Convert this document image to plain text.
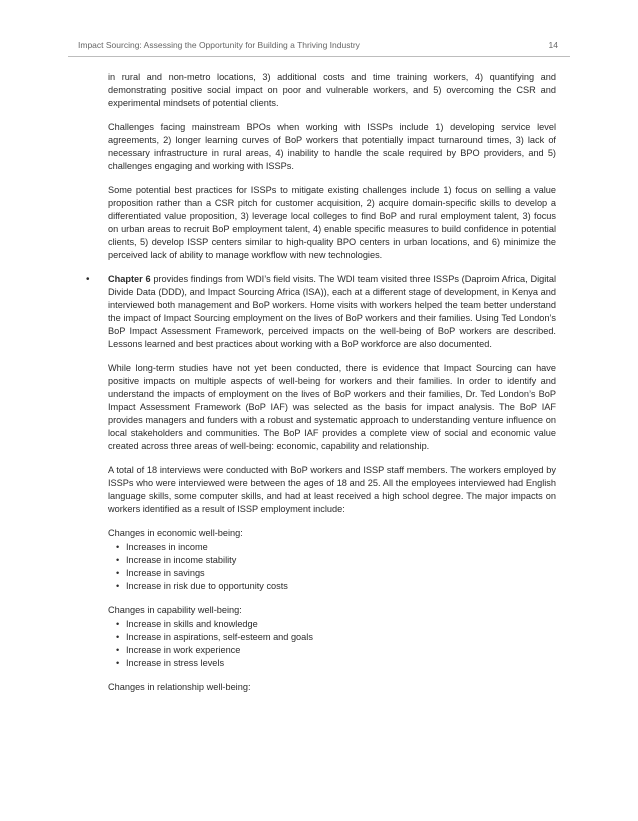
Impact Sourcing: Assessing the Opportunity for Building a Thriving Industry	14

in rural and non-metro locations, 3) additional costs and time training workers, 4) quantifying and demonstrating positive social impact on poor and vulnerable workers, and 5) overcoming the CSR and experimental mindsets of potential clients.

Challenges facing mainstream BPOs when working with ISSPs include 1) developing service level agreements, 2) longer learning curves of BoP workers that potentially impact turnaround times, 3) lack of necessary infrastructure in rural areas, 4) inability to handle the scale required by BPO providers, and 5) challenges engaging and working with ISSPs.

Some potential best practices for ISSPs to mitigate existing challenges include 1) focus on selling a value proposition rather than a CSR pitch for customer acquisition, 2) acquire domain-specific skills to develop a differentiated value proposition, 3) leverage local colleges to find BoP and rural employment talent, 3) focus on urban areas to recruit BoP employment talent, 4) enable specific measures to build confidence in potential clients, 5) develop ISSP centers similar to high-quality BPO centers in urban locations, and 6) minimize the perceived lack of ability to manage workflow with new technologies.

• Chapter 6 provides findings from WDI’s field visits. The WDI team visited three ISSPs (Daproim Africa, Digital Divide Data (DDD), and Impact Sourcing Africa (ISA)), each at a different stage of development, in Kenya and interviewed both management and BoP workers. Home visits with workers helped the team better understand the impact of Impact Sourcing employment on the lives of BoP workers and their families. Using Ted London’s BoP Impact Assessment Framework, perceived impacts on the well-being of BoP workers are described. Lessons learned and best practices about working with a BoP workforce are also documented.

While long-term studies have not yet been conducted, there is evidence that Impact Sourcing can have positive impacts on multiple aspects of well-being for workers and their families. In order to identify and understand the impacts of employment on the lives of BoP workers and their families, Dr. Ted London’s BoP Impact Assessment Framework (BoP IAF) was selected as the basis for impact analysis. The BoP IAF provides managers and funders with a robust and systematic approach to understanding venture influence on local stakeholders and communities. The BoP IAF provides a complete view of social and economic value created across three areas of well-being: economic, capability and relationship.

A total of 18 interviews were conducted with BoP workers and ISSP staff members. The workers employed by ISSPs who were interviewed were between the ages of 18 and 25. All the employees interviewed had English language skills, some computer skills, and had at least received a high school degree. The major impacts on workers identified as a result of ISSP employment include:

Changes in economic well-being:
• Increases in income
• Increase in income stability
• Increase in savings
• Increase in risk due to opportunity costs
Changes in capability well-being:
• Increase in skills and knowledge
• Increase in aspirations, self-esteem and goals
• Increase in work experience
• Increase in stress levels
Changes in relationship well-being:
